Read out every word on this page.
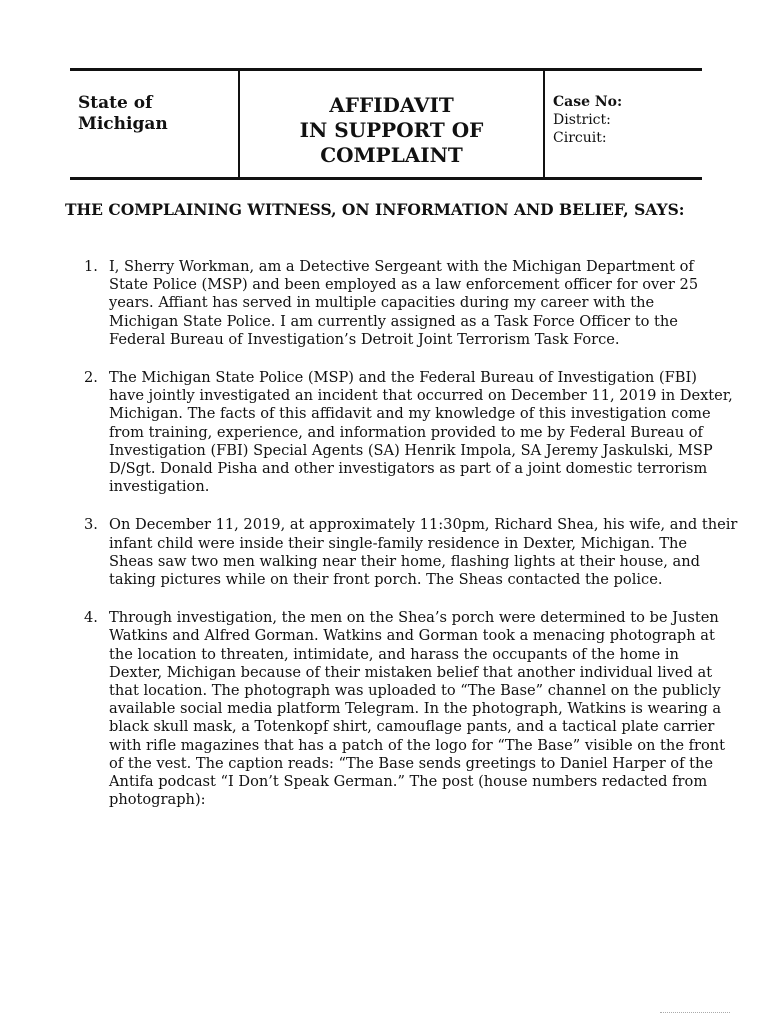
State of
Michigan
AFFIDAVIT
IN SUPPORT OF
COMPLAINT
Case No:
District:
Circuit:
THE COMPLAINING WITNESS, ON INFORMATION AND BELIEF, SAYS:
1. I, Sherry Workman, am a Detective Sergeant with the Michigan Department of
State Police (MSP) and been employed as a law enforcement officer for over 25
years. Affiant has served in multiple capacities during my career with the
Michigan State Police. I am currently assigned as a Task Force Officer to the
Federal Bureau of Investigation’s Detroit Joint Terrorism Task Force.
2. The Michigan State Police (MSP) and the Federal Bureau of Investigation (FBI)
have jointly investigated an incident that occurred on December 11, 2019 in Dexter,
Michigan. The facts of this affidavit and my knowledge of this investigation come
from training, experience, and information provided to me by Federal Bureau of
Investigation (FBI) Special Agents (SA) Henrik Impola, SA Jeremy Jaskulski, MSP
D/Sgt. Donald Pisha and other investigators as part of a joint domestic terrorism
investigation.
3. On December 11, 2019, at approximately 11:30pm, Richard Shea, his wife, and their
infant child were inside their single-family residence in Dexter, Michigan. The
Sheas saw two men walking near their home, flashing lights at their house, and
taking pictures while on their front porch. The Sheas contacted the police.
4. Through investigation, the men on the Shea’s porch were determined to be Justen
Watkins and Alfred Gorman. Watkins and Gorman took a menacing photograph at
the location to threaten, intimidate, and harass the occupants of the home in
Dexter, Michigan because of their mistaken belief that another individual lived at
that location. The photograph was uploaded to “The Base” channel on the publicly
available social media platform Telegram. In the photograph, Watkins is wearing a
black skull mask, a Totenkopf shirt, camouflage pants, and a tactical plate carrier
with rifle magazines that has a patch of the logo for “The Base” visible on the front
of the vest. The caption reads: “The Base sends greetings to Daniel Harper of the
Antifa podcast “I Don’t Speak German.” The post (house numbers redacted from
photograph):
